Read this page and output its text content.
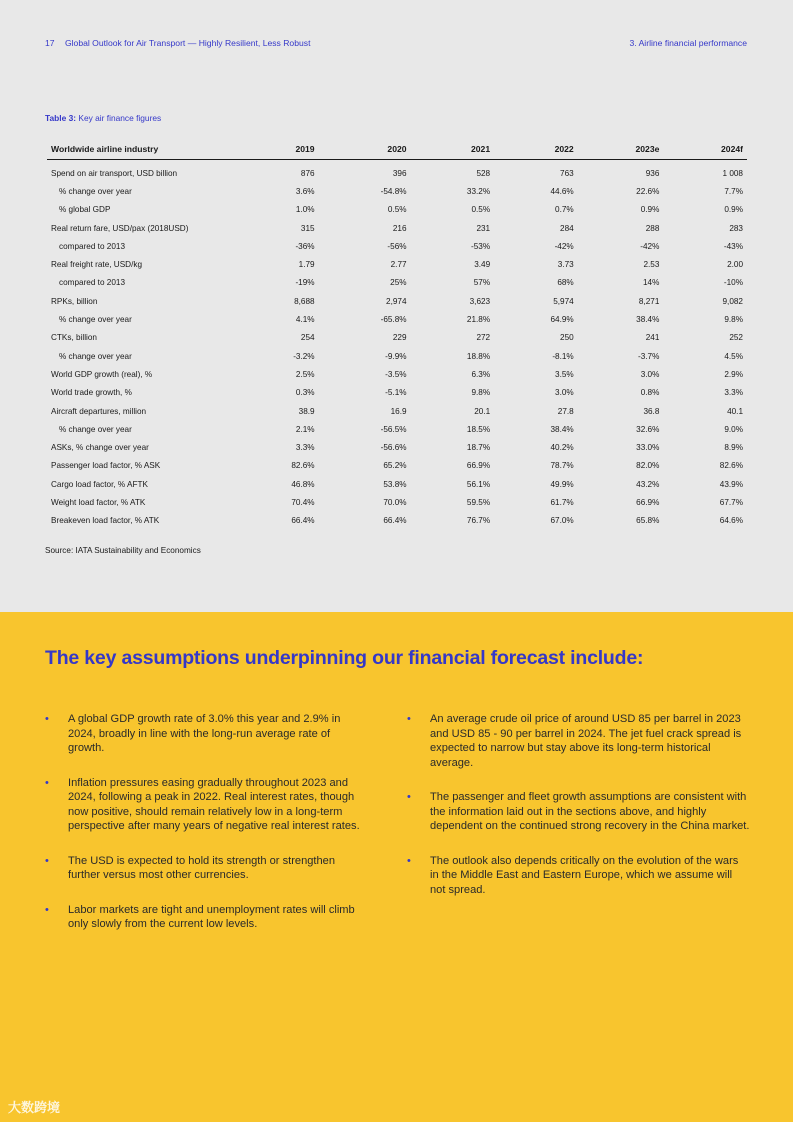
17 Global Outlook for Air Transport — Highly Resilient, Less Robust	3. Airline financial performance
Table 3: Key air finance figures
Worldwide airline industry	2019	2020	2021	2022	2023e	2024f
Spend on air transport, USD billion	876	396	528	763	936	1 008
% change over year	3.6%	-54.8%	33.2%	44.6%	22.6%	7.7%
% global GDP	1.0%	0.5%	0.5%	0.7%	0.9%	0.9%
Real return fare, USD/pax (2018USD)	315	216	231	284	288	283
compared to 2013	-36%	-56%	-53%	-42%	-42%	-43%
Real freight rate, USD/kg	1.79	2.77	3.49	3.73	2.53	2.00
compared to 2013	-19%	25%	57%	68%	14%	-10%
RPKs, billion	8,688	2,974	3,623	5,974	8,271	9,082
% change over year	4.1%	-65.8%	21.8%	64.9%	38.4%	9.8%
CTKs, billion	254	229	272	250	241	252
% change over year	-3.2%	-9.9%	18.8%	-8.1%	-3.7%	4.5%
World GDP growth (real), %	2.5%	-3.5%	6.3%	3.5%	3.0%	2.9%
World trade growth, %	0.3%	-5.1%	9.8%	3.0%	0.8%	3.3%
Aircraft departures, million	38.9	16.9	20.1	27.8	36.8	40.1
% change over year	2.1%	-56.5%	18.5%	38.4%	32.6%	9.0%
ASKs, % change over year	3.3%	-56.6%	18.7%	40.2%	33.0%	8.9%
Passenger load factor, % ASK	82.6%	65.2%	66.9%	78.7%	82.0%	82.6%
Cargo load factor, % AFTK	46.8%	53.8%	56.1%	49.9%	43.2%	43.9%
Weight load factor, % ATK	70.4%	70.0%	59.5%	61.7%	66.9%	67.7%
Breakeven load factor, % ATK	66.4%	66.4%	76.7%	67.0%	65.8%	64.6%
Source: IATA Sustainability and Economics
The key assumptions underpinning our financial forecast include:
• A global GDP growth rate of 3.0% this year and 2.9% in 2024, broadly in line with the long-run average rate of growth.
• Inflation pressures easing gradually throughout 2023 and 2024, following a peak in 2022. Real interest rates, though now positive, should remain relatively low in a long-term perspective after many years of negative real interest rates.
• The USD is expected to hold its strength or strengthen further versus most other currencies.
• Labor markets are tight and unemployment rates will climb only slowly from the current low levels.
• An average crude oil price of around USD 85 per barrel in 2023 and USD 85 - 90 per barrel in 2024. The jet fuel crack spread is expected to narrow but stay above its long-term historical average.
• The passenger and fleet growth assumptions are consistent with the information laid out in the sections above, and highly dependent on the continued strong recovery in the China market.
• The outlook also depends critically on the evolution of the wars in the Middle East and Eastern Europe, which we assume will not spread.
大数跨境
